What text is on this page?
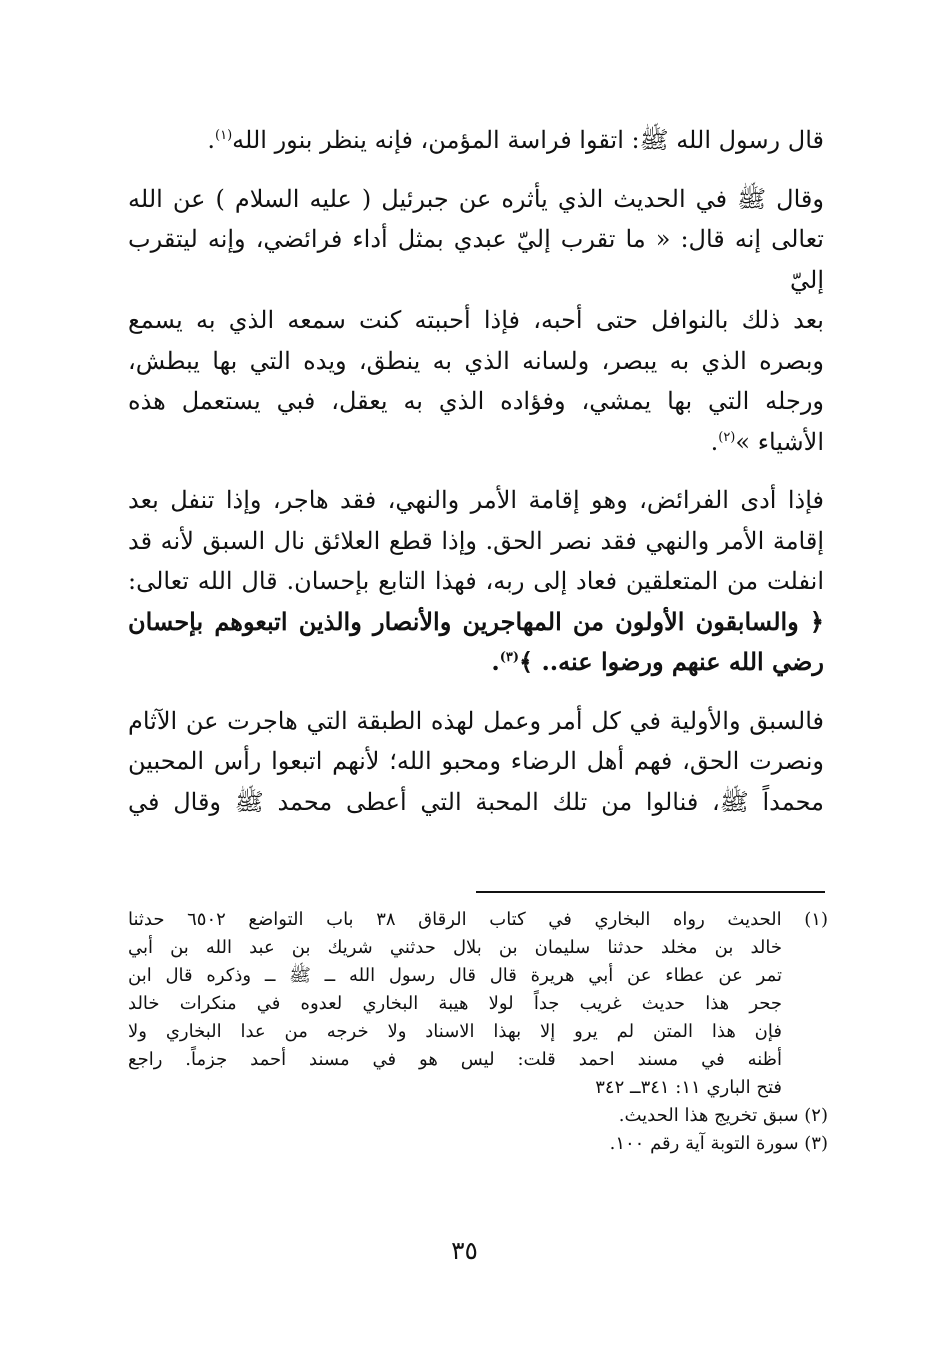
قال رسول الله ﷺ: اتقوا فراسة المؤمن، فإنه ينظر بنور الله$^{(١)}$.

وقال ﷺ في الحديث الذي يأثره عن جبرئيل ( عليه السلام ) عن الله
تعالى إنه قال: « ما تقرب إليّ عبدي بمثل أداء فرائضي، وإنه ليتقرب إليّ
بعد ذلك بالنوافل حتى أحبه، فإذا أحببته كنت سمعه الذي به يسمع
وبصره الذي به يبصر، ولسانه الذي به ينطق، ويده التي بها يبطش،
ورجله التي بها يمشي، وفؤاده الذي به يعقل، فبي يستعمل هذه
الأشياء »$^{(٢)}$.

فإذا أدى الفرائض، وهو إقامة الأمر والنهي، فقد هاجر، وإذا تنفل بعد
إقامة الأمر والنهي فقد نصر الحق. وإذا قطع العلائق نال السبق لأنه قد
انفلت من المتعلقين فعاد إلى ربه، فهذا التابع بإحسان. قال الله تعالى:
﴿ والسابقون الأولون من المهاجرين والأنصار والذين اتبعوهم بإحسان
رضي الله عنهم ورضوا عنه.. ﴾$^{(٣)}$.

فالسبق والأولية في كل أمر وعمل لهذه الطبقة التي هاجرت عن الآثام
ونصرت الحق، فهم أهل الرضاء ومحبو الله؛ لأنهم اتبعوا رأس المحبين
محمداً ﷺ، فنالوا من تلك المحبة التي أعطى محمد ﷺ وقال في

(١) الحديث رواه البخاري في كتاب الرقاق ٣٨ باب التواضع ٦٥٠٢ حدثنا
خالد بن مخلد حدثنا سليمان بن بلال حدثني شريك بن عبد الله بن أبي
تمر عن عطاء عن أبي هريرة قال قال رسول الله ــ ﷺ ــ وذكره قال ابن
جحر هذا حديث غريب جداً لولا هيبة البخاري لعدوه في منكرات خالد
فإن هذا المتن لم يرو إلا بهذا الاسناد ولا خرجه من عدا البخاري ولا
أظنه في مسند احمد قلت: ليس هو في مسند أحمد جزماً. راجع
فتح الباري ١١: ٣٤١ــ ٣٤٢
(٢) سبق تخريج هذا الحديث.
(٣) سورة التوبة آية رقم ١٠٠.
٣٥
